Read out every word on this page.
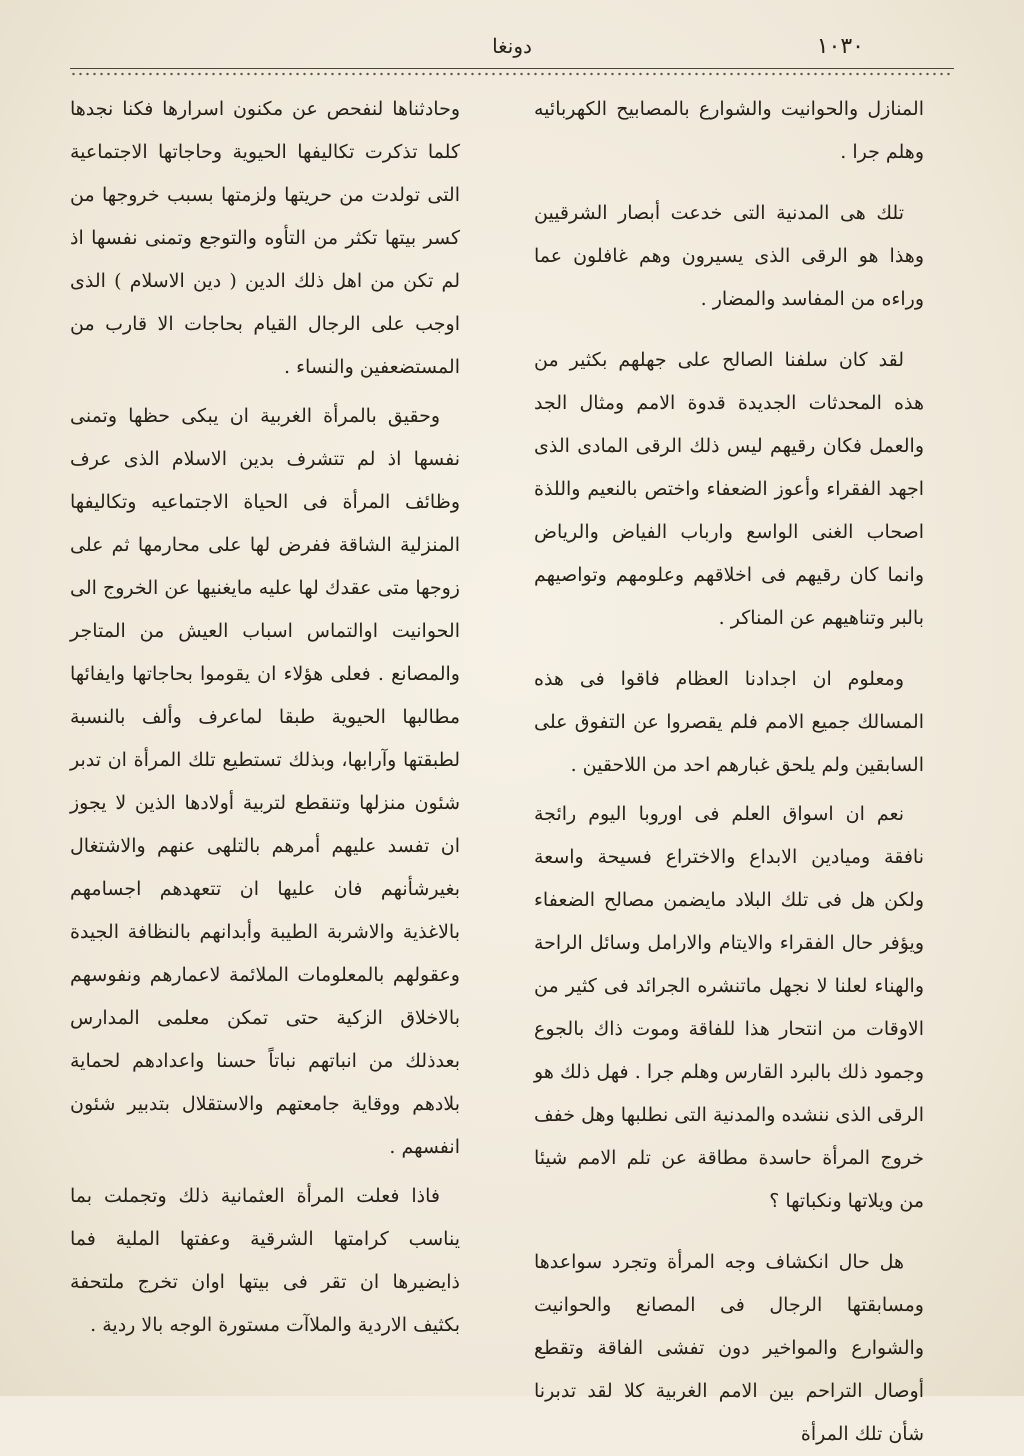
١٠٣٠
دونغا

المنازل والحوانيت والشوارع بالمصابيح الكهربائيه وهلم جرا .

تلك هى المدنية التى خدعت أبصار الشرقيين وهذا هو الرقى الذى يسيرون وهم غافلون عما وراءه من المفاسد والمضار .

لقد كان سلفنا الصالح على جهلهم بكثير من هذه المحدثات الجديدة قدوة الامم ومثال الجد والعمل فكان رقيهم ليس ذلك الرقى المادى الذى اجهد الفقراء وأعوز الضعفاء واختص بالنعيم واللذة اصحاب الغنى الواسع وارباب الفياض والرياض وانما كان رقيهم فى اخلاقهم وعلومهم وتواصيهم بالبر وتناهيهم عن المناكر .

ومعلوم ان اجدادنا العظام فاقوا فى هذه المسالك جميع الامم فلم يقصروا عن التفوق على السابقين ولم يلحق غبارهم احد من اللاحقين .

نعم ان اسواق العلم فى اوروبا اليوم رائجة نافقة وميادين الابداع والاختراع فسيحة واسعة ولكن هل فى تلك البلاد مايضمن مصالح الضعفاء ويؤفر حال الفقراء والايتام والارامل وسائل الراحة والهناء لعلنا لا نجهل ماتنشره الجرائد فى كثير من الاوقات من انتحار هذا للفاقة وموت ذاك بالجوع وجمود ذلك بالبرد القارس وهلم جرا . فهل ذلك هو الرقى الذى ننشده والمدنية التى نطلبها وهل خفف خروج المرأة حاسدة مطاقة عن تلم الامم شيئا من ويلاتها ونكباتها ؟

هل حال انكشاف وجه المرأة وتجرد سواعدها ومسابقتها الرجال فى المصانع والحوانيت والشوارع والمواخير دون تفشى الفاقة وتقطع أوصال التراحم بين الامم الغربية كلا لقد تدبرنا شأن تلك المرأة

وحادثناها لنفحص عن مكنون اسرارها فكنا نجدها كلما تذكرت تكاليفها الحيوية وحاجاتها الاجتماعية التى تولدت من حريتها ولزمتها بسبب خروجها من كسر بيتها تكثر من التأوه والتوجع وتمنى نفسها اذ لم تكن من اهل ذلك الدين ( دين الاسلام ) الذى اوجب على الرجال القيام بحاجات الا قارب من المستضعفين والنساء .

وحقيق بالمرأة الغربية ان يبكى حظها وتمنى نفسها اذ لم تتشرف بدين الاسلام الذى عرف وظائف المرأة فى الحياة الاجتماعيه وتكاليفها المنزلية الشاقة ففرض لها على محارمها ثم على زوجها متى عقدك لها عليه مايغنيها عن الخروج الى الحوانيت اوالتماس اسباب العيش من المتاجر والمصانع . فعلى هؤلاء ان يقوموا بحاجاتها وايفائها مطالبها الحيوية طبقا لماعرف وألف بالنسبة لطبقتها وآرابها، وبذلك تستطيع تلك المرأة ان تدبر شئون منزلها وتنقطع لتربية أولادها الذين لا يجوز ان تفسد عليهم أمرهم بالتلهى عنهم والاشتغال بغيرشأنهم فان عليها ان تتعهدهم اجسامهم بالاغذية والاشربة الطيبة وأبدانهم بالنظافة الجيدة وعقولهم بالمعلومات الملائمة لاعمارهم ونفوسهم بالاخلاق الزكية حتى تمكن معلمى المدارس بعدذلك من انباتهم نباتاً حسنا واعدادهم لحماية بلادهم ووقاية جامعتهم والاستقلال بتدبير شئون انفسهم .

فاذا فعلت المرأة العثمانية ذلك وتجملت بما يناسب كرامتها الشرقية وعفتها الملية فما ذايضيرها ان تقر فى بيتها اوان تخرج ملتحفة بكثيف الاردية والملاآت مستورة الوجه بالا ردية .
